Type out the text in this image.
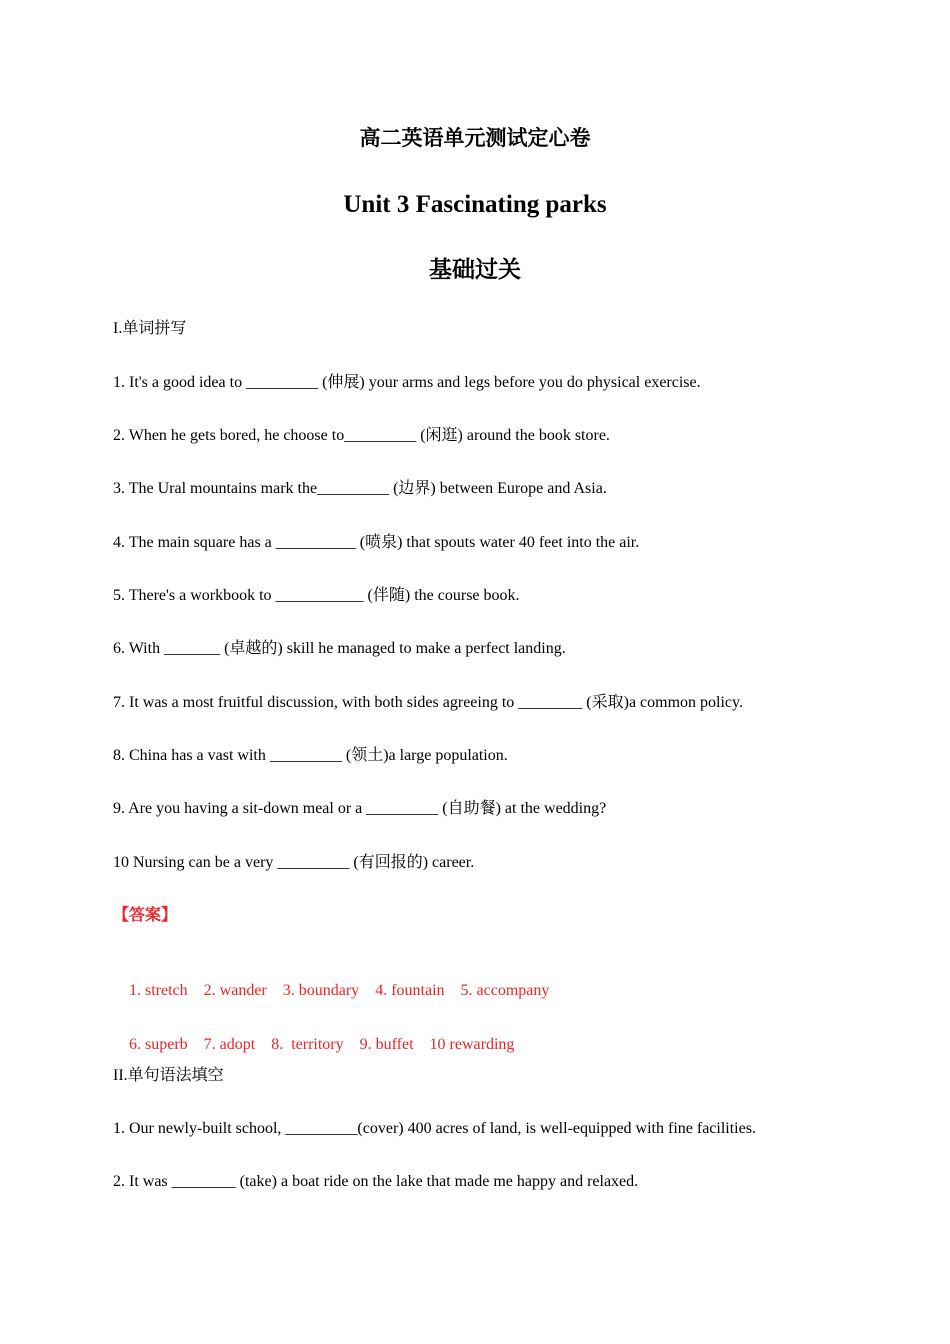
高二英语单元测试定心卷
Unit 3 Fascinating parks
基础过关
I.单词拼写
1. It's a good idea to _________ (伸展) your arms and legs before you do physical exercise.
2. When he gets bored, he choose to_________ (闲逛) around the book store.
3. The Ural mountains mark the_________ (边界) between Europe and Asia.
4. The main square has a __________ (喷泉) that spouts water 40 feet into the air.
5. There's a workbook to ___________ (伴随) the course book.
6. With _______ (卓越的) skill he managed to make a perfect landing.
7. It was a most fruitful discussion, with both sides agreeing to ________ (采取)a common policy.
8. China has a vast with _________ (领土)a large population.
9. Are you having a sit-down meal or a _________ (自助餐) at the wedding?
10 Nursing can be a very _________ (有回报的) career.
【答案】

1. stretch 2. wander 3. boundary 4. fountain 5. accompany

6. superb 7. adopt 8.  territory 9. buffet 10 rewarding

II.单句语法填空
1. Our newly-built school, _________(cover) 400 acres of land, is well-equipped with fine facilities.
2. It was ________ (take) a boat ride on the lake that made me happy and relaxed.
